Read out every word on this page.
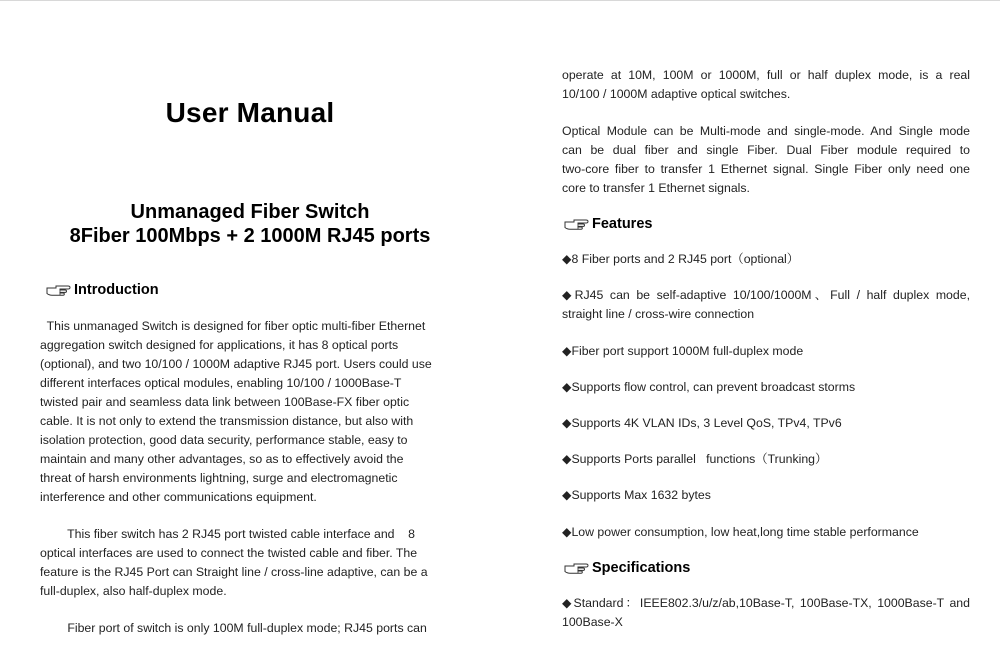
User Manual
Unmanaged Fiber Switch
8Fiber 100Mbps + 2 1000M RJ45 ports
Introduction
This unmanaged Switch is designed for fiber optic multi-fiber Ethernet
aggregation switch designed for applications, it has 8 optical ports
(optional), and two 10/100 / 1000M adaptive RJ45 port. Users could use
different interfaces optical modules, enabling 10/100 / 1000Base-T
twisted pair and seamless data link between 100Base-FX fiber optic
cable. It is not only to extend the transmission distance, but also with
isolation protection, good data security, performance stable, easy to
maintain and many other advantages, so as to effectively avoid the
threat of harsh environments lightning, surge and electromagnetic
interference and other communications equipment.
This fiber switch has 2 RJ45 port twisted cable interface and    8
optical interfaces are used to connect the twisted cable and fiber. The
feature is the RJ45 Port can Straight line / cross-line adaptive, can be a
full-duplex, also half-duplex mode.
Fiber port of switch is only 100M full-duplex mode; RJ45 ports can
operate at 10M, 100M or 1000M, full or half duplex mode, is a real
10/100 / 1000M adaptive optical switches.
Optical Module can be Multi-mode and single-mode. And Single mode
can be dual fiber and single Fiber. Dual Fiber module required to
two-core fiber to transfer 1 Ethernet signal. Single Fiber only need one
core to transfer 1 Ethernet signals.
Features
◆8 Fiber ports and 2 RJ45 port（optional）
◆RJ45 can be self-adaptive 10/100/1000M、Full / half duplex mode,
straight line / cross-wire connection
◆Fiber port support 1000M full-duplex mode
◆Supports flow control, can prevent broadcast storms
◆Supports 4K VLAN IDs, 3 Level QoS, TPv4, TPv6
◆Supports Ports parallel   functions（Trunking）
◆Supports Max 1632 bytes
◆Low power consumption, low heat,long time stable performance
Specifications
◆Standard：IEEE802.3/u/z/ab,10Base-T, 100Base-TX, 1000Base-T and
100Base-X
